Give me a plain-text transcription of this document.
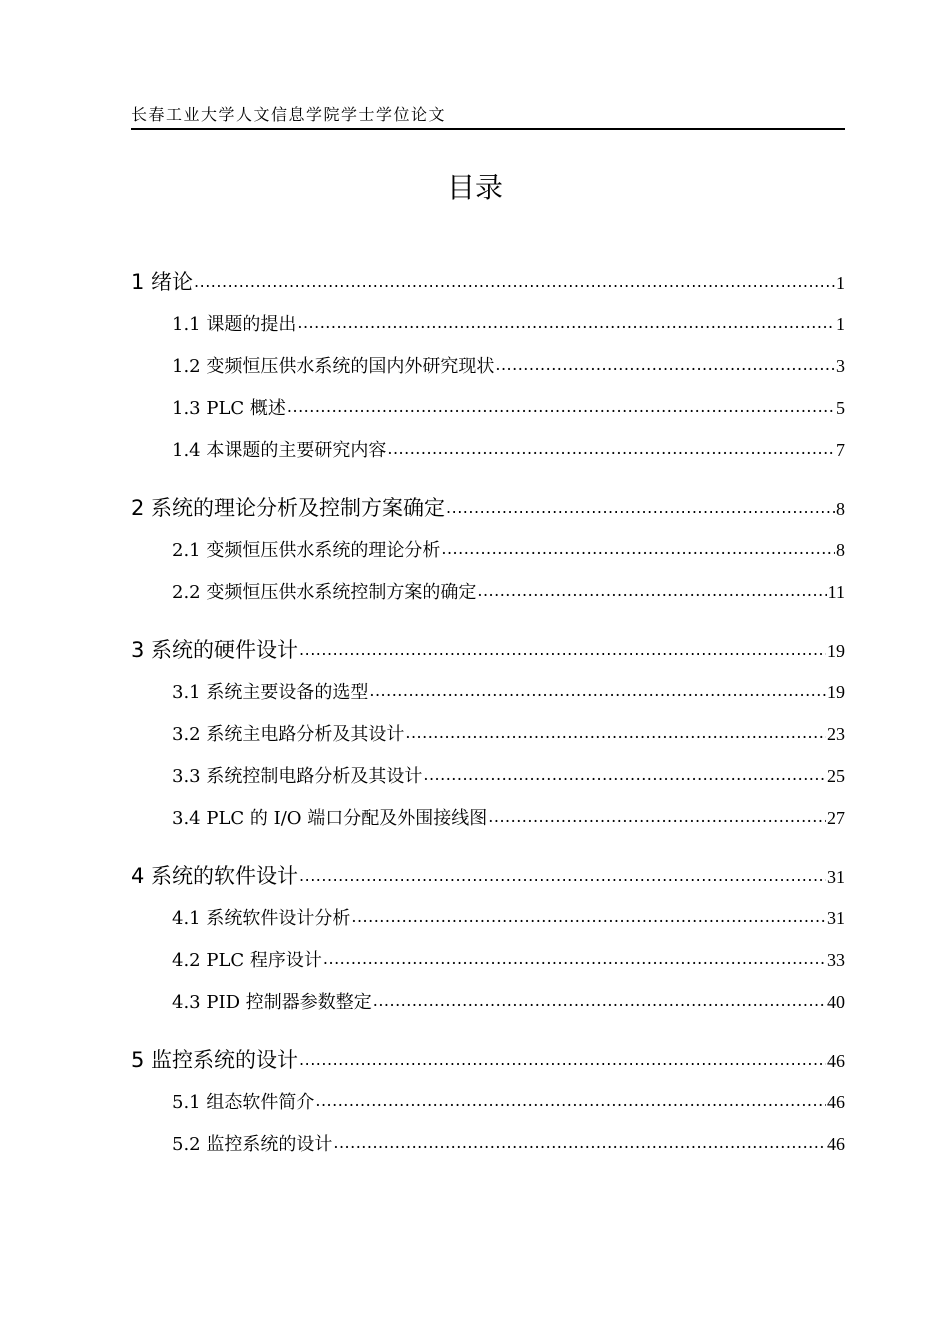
长春工业大学人文信息学院学士学位论文
目录
1 绪论 .....	1
1.1 课题的提出 .....	1
1.2 变频恒压供水系统的国内外研究现状 .....	3
1.3 PLC 概述 .....	5
1.4 本课题的主要研究内容 .....	7
2 系统的理论分析及控制方案确定 .....	8
2.1 变频恒压供水系统的理论分析 .....	8
2.2 变频恒压供水系统控制方案的确定 .....	11
3 系统的硬件设计 .....	19
3.1 系统主要设备的选型 .....	19
3.2 系统主电路分析及其设计 .....	23
3.3 系统控制电路分析及其设计 .....	25
3.4 PLC 的 I/O 端口分配及外围接线图 .....	27
4 系统的软件设计 .....	31
4.1 系统软件设计分析 .....	31
4.2 PLC 程序设计 .....	33
4.3 PID 控制器参数整定 .....	40
5 监控系统的设计 .....	46
5.1 组态软件简介 .....	46
5.2 监控系统的设计 .....	46
